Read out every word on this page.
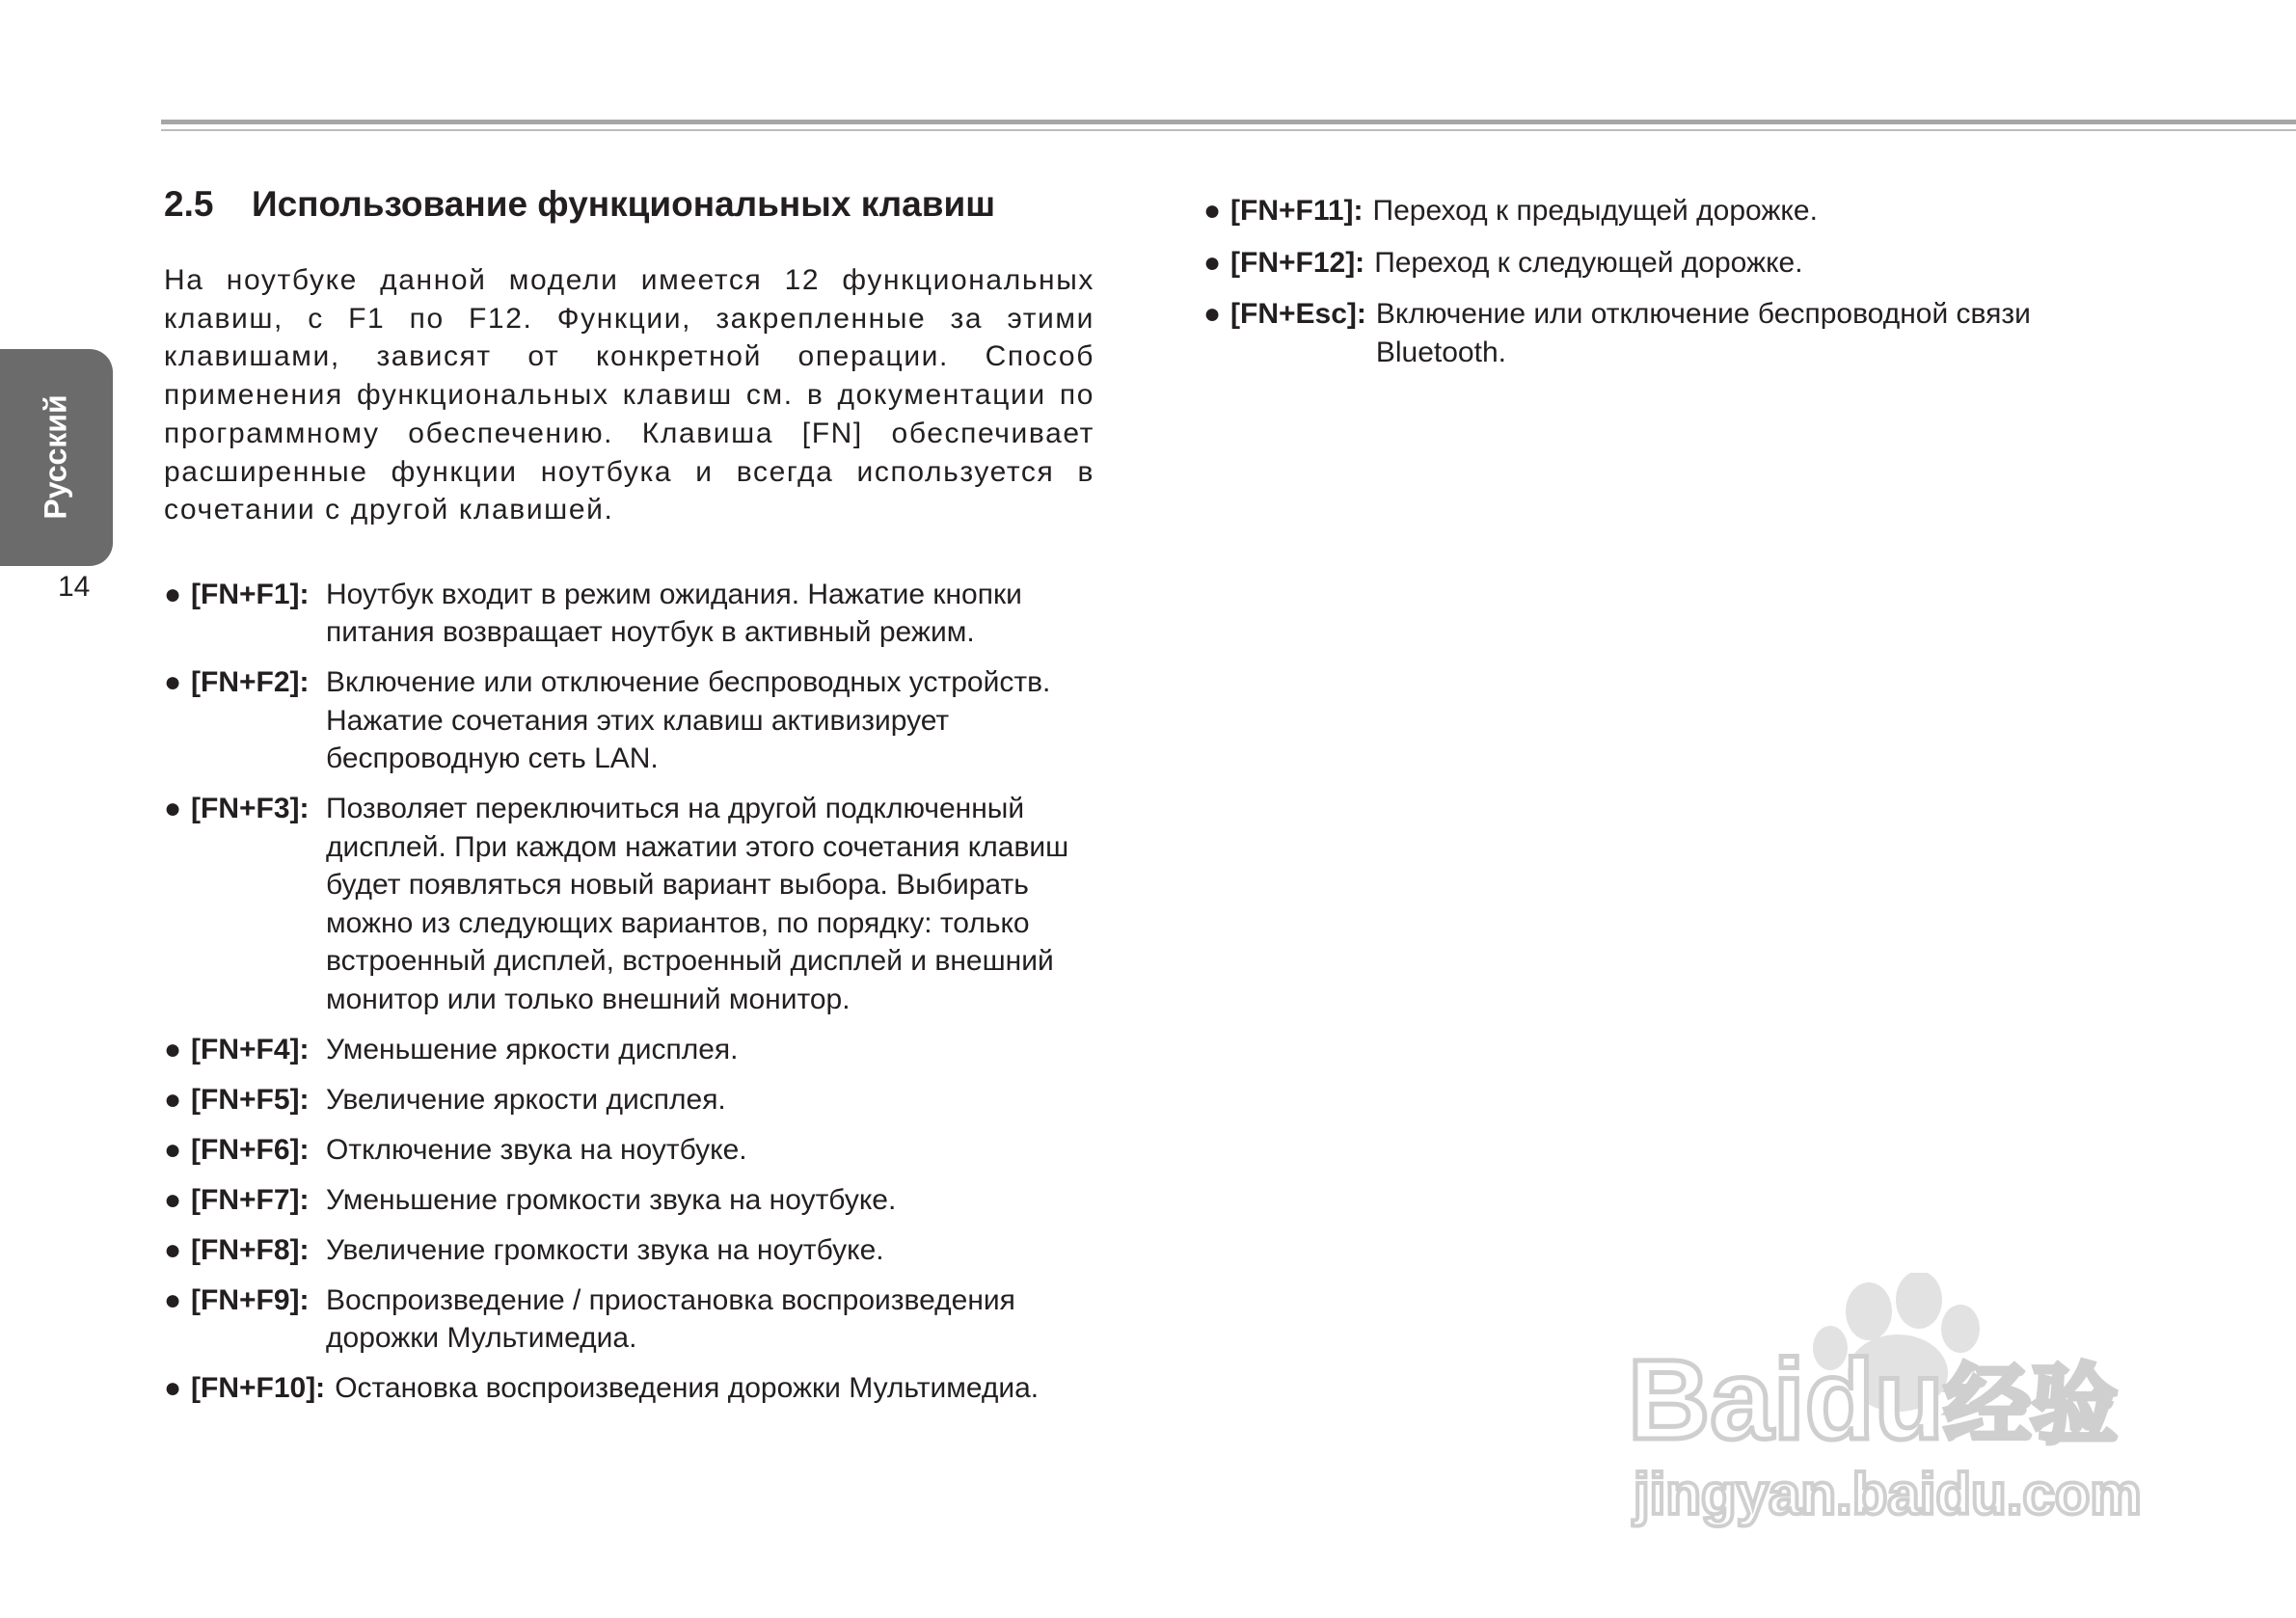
Русский
14
2.5 Использование функциональных клавиш

На ноутбуке данной модели имеется 12 функциональных клавиш, с F1 по F12. Функции, закрепленные за этими клавишами, зависят от конкретной операции. Способ применения функциональных клавиш см. в документации по программному обеспечению. Клавиша [FN] обеспечивает расширенные функции ноутбука и всегда используется в сочетании с другой клавишей.

● [FN+F1]: Ноутбук входит в режим ожидания. Нажатие кнопки питания возвращает ноутбук в активный режим.
● [FN+F2]: Включение или отключение беспроводных устройств. Нажатие сочетания этих клавиш активизирует беспроводную сеть LAN.
● [FN+F3]: Позволяет переключиться на другой подключенный дисплей. При каждом нажатии этого сочетания клавиш будет появляться новый вариант выбора. Выбирать можно из следующих вариантов, по порядку: только встроенный дисплей, встроенный дисплей и внешний монитор или только внешний монитор.
● [FN+F4]: Уменьшение яркости дисплея.
● [FN+F5]: Увеличение яркости дисплея.
● [FN+F6]: Отключение звука на ноутбуке.
● [FN+F7]: Уменьшение громкости звука на ноутбуке.
● [FN+F8]: Увеличение громкости звука на ноутбуке.
● [FN+F9]: Воспроизведение / приостановка воспроизведения дорожки Мультимедиа.
● [FN+F10]: Остановка воспроизведения дорожки Мультимедиа.
● [FN+F11]: Переход к предыдущей дорожке.
● [FN+F12]: Переход к следующей дорожке.
● [FN+Esc]: Включение или отключение беспроводной связи Bluetooth.
Baidu 经验
jingyan.baidu.com
